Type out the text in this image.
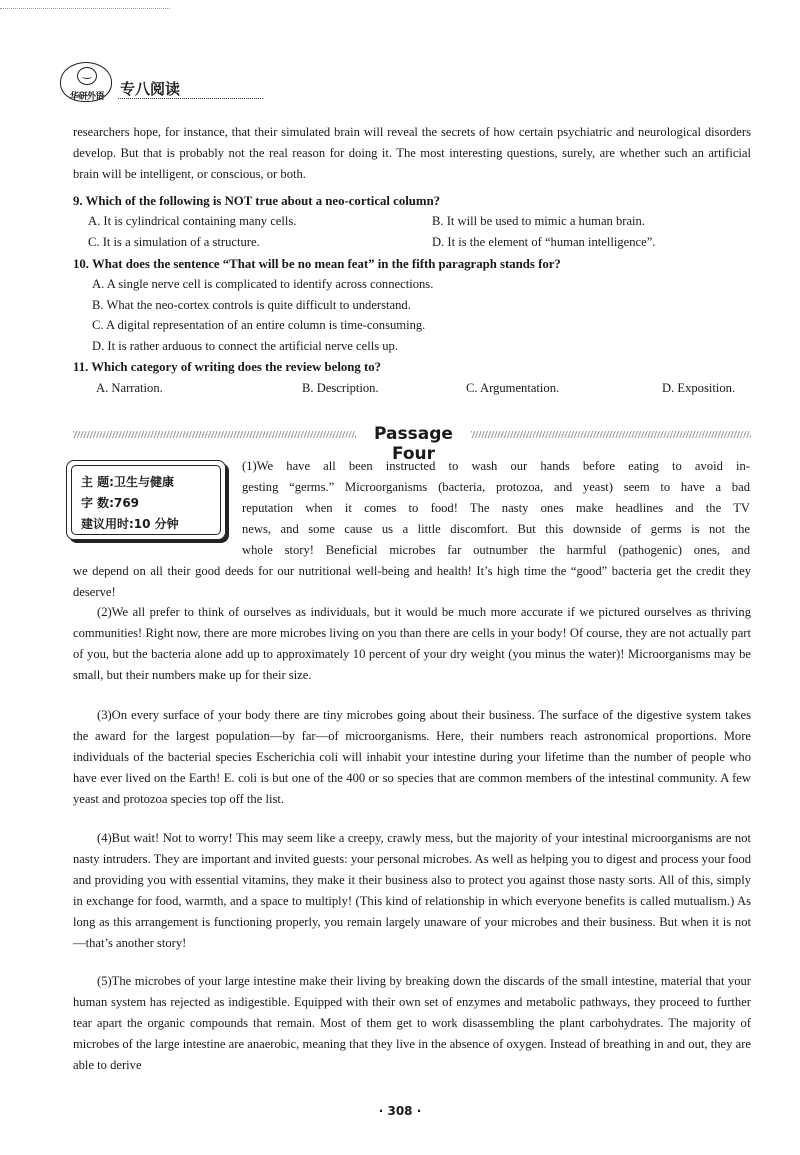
华研外语	专八阅读
researchers hope, for instance, that their simulated brain will reveal the secrets of how certain psychiatric and neurological disorders develop. But that is probably not the real reason for doing it. The most interesting questions, surely, are whether such an artificial brain will be intelligent, or conscious, or both.
9. Which of the following is NOT true about a neo-cortical column?
A. It is cylindrical containing many cells.	B. It will be used to mimic a human brain.
C. It is a simulation of a structure.	D. It is the element of “human intelligence”.
10. What does the sentence “That will be no mean feat” in the fifth paragraph stands for?
A. A single nerve cell is complicated to identify across connections.
B. What the neo-cortex controls is quite difficult to understand.
C. A digital representation of an entire column is time-consuming.
D. It is rather arduous to connect the artificial nerve cells up.
11. Which category of writing does the review belong to?
A. Narration.	B. Description.	C. Argumentation.	D. Exposition.
Passage Four
主 题:卫生与健康
字 数:769
建议用时:10 分钟
(1)We have all been instructed to wash our hands before eating to avoid in-
gesting “germs.” Microorganisms (bacteria, protozoa, and yeast) seem to have a bad
reputation when it comes to food! The nasty ones make headlines and the TV
news, and some cause us a little discomfort. But this downside of germs is not the
whole story! Beneficial microbes far outnumber the harmful (pathogenic) ones, and
we depend on all their good deeds for our nutritional well-being and health! It’s high time the “good” bacteria get the credit they deserve!
(2)We all prefer to think of ourselves as individuals, but it would be much more accurate if we pictured ourselves as thriving communities! Right now, there are more microbes living on you than there are cells in your body! Of course, they are not actually part of you, but the bacteria alone add up to approximately 10 percent of your dry weight (you minus the water)! Microorganisms may be small, but their numbers make up for their size.
(3)On every surface of your body there are tiny microbes going about their business. The surface of the digestive system takes the award for the largest population—by far—of microorganisms. Here, their numbers reach astronomical proportions. More individuals of the bacterial species Escherichia coli will inhabit your intestine during your lifetime than the number of people who have ever lived on the Earth! E. coli is but one of the 400 or so species that are common members of the intestinal community. A few yeast and protozoa species top off the list.
(4)But wait! Not to worry! This may seem like a creepy, crawly mess, but the majority of your intestinal microorganisms are not nasty intruders. They are important and invited guests: your personal microbes. As well as helping you to digest and process your food and providing you with essential vitamins, they make it their business also to protect you against those nasty sorts. All of this, simply in exchange for food, warmth, and a space to multiply! (This kind of relationship in which everyone benefits is called mutualism.) As long as this arrangement is functioning properly, you remain largely unaware of your microbes and their business. But when it is not—that’s another story!
(5)The microbes of your large intestine make their living by breaking down the discards of the small intestine, material that your human system has rejected as indigestible. Equipped with their own set of enzymes and metabolic pathways, they proceed to further tear apart the organic compounds that remain. Most of them get to work disassembling the plant carbohydrates. The majority of microbes of the large intestine are anaerobic, meaning that they live in the absence of oxygen. Instead of breathing in and out, they are able to derive
· 308 ·
